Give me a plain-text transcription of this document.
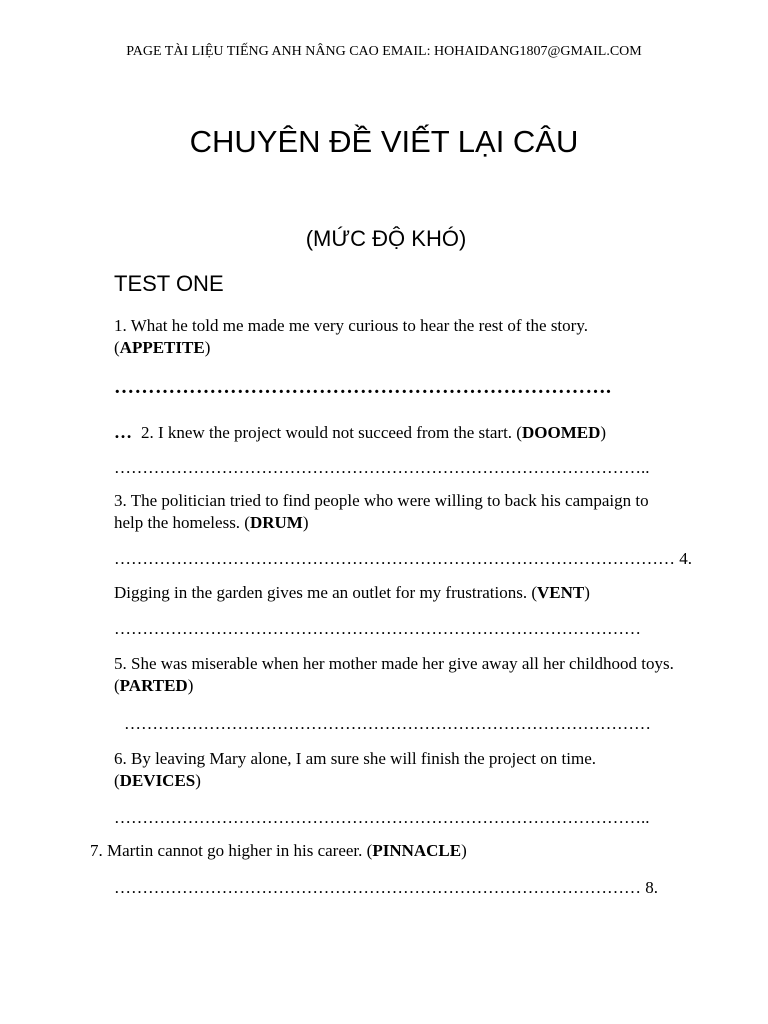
PAGE TÀI LIỆU TIẾNG ANH NÂNG CAO EMAIL: HOHAIDANG1807@GMAIL.COM
CHUYÊN ĐỀ VIẾT LẠI CÂU
(MỨC ĐỘ KHÓ)
TEST ONE
1. What he told me made me very curious to hear the rest of the story.
(APPETITE)
……………………………………………………………….
… 2. I knew the project would not succeed from the start. (DOOMED)
…………………………………………………………………………………..
3. The politician tried to find people who were willing to back his campaign to
help the homeless. (DRUM)
……………………………………………………………………………………… 4.
Digging in the garden gives me an outlet for my frustrations. (VENT)
…………………………………………………………………………………
5. She was miserable when her mother made her give away all her childhood toys.
(PARTED)
…………………………………………………………………………………
6. By leaving Mary alone, I am sure she will finish the project on time.
(DEVICES)
…………………………………………………………………………………..
7. Martin cannot go higher in his career. (PINNACLE)
………………………………………………………………………………… 8.
